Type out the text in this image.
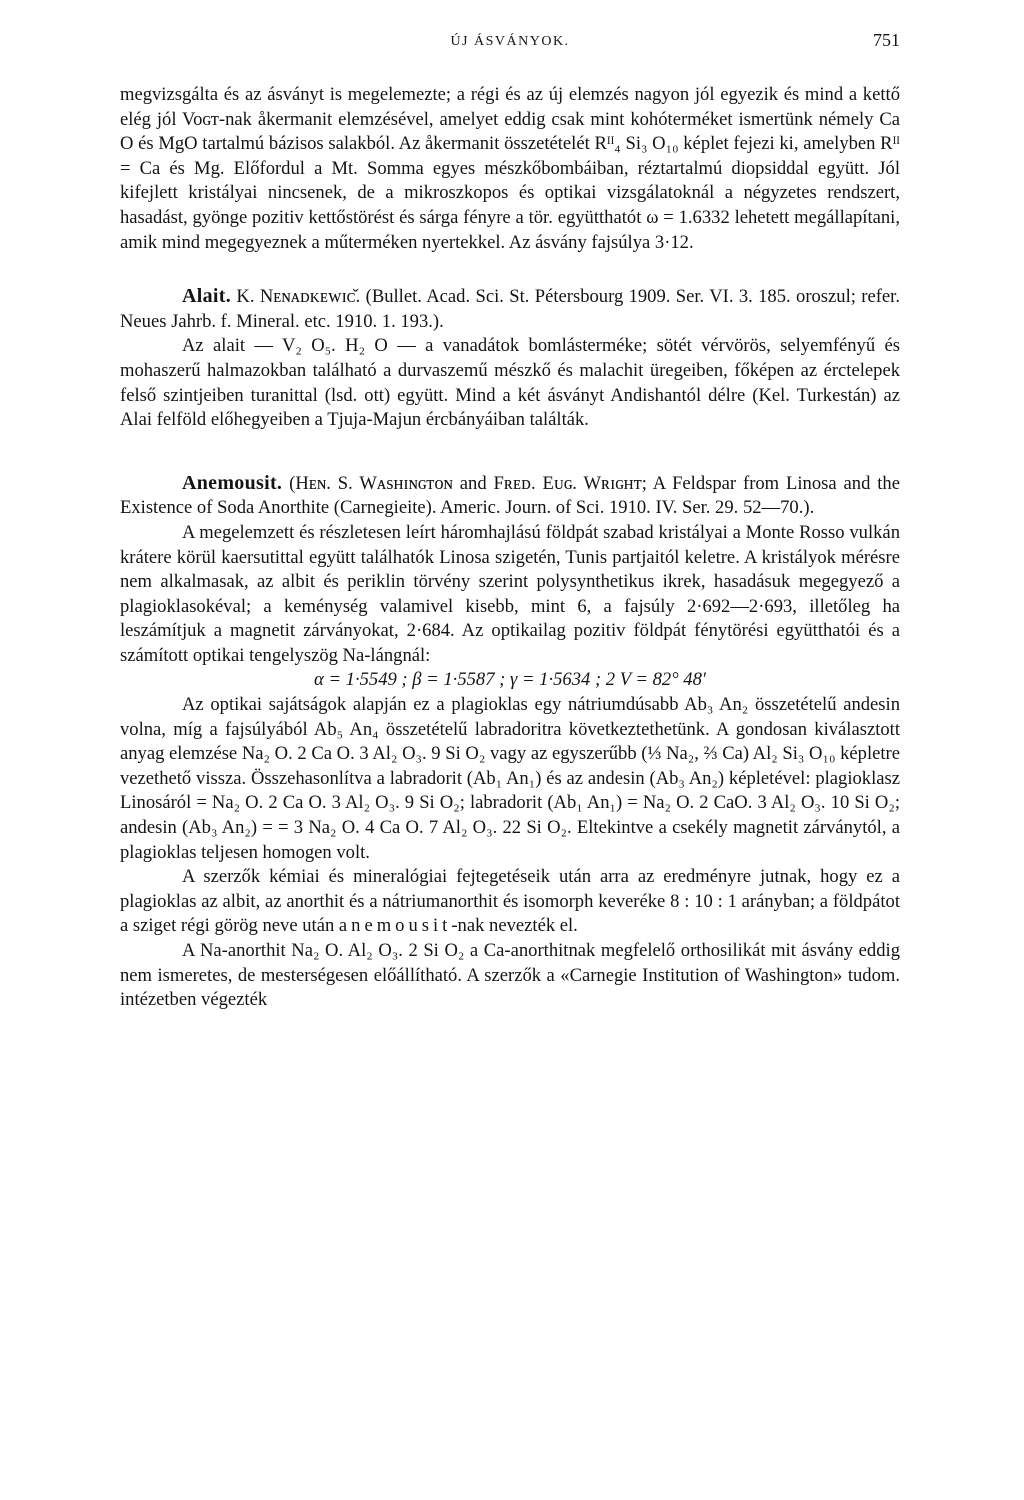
ÚJ ÁSVÁNYOK.	751

megvizsgálta és az ásványt is megelemezte; a régi és az új elemzés nagyon jól egyezik és mind a kettő elég jól Voɢᴛ-nak åkermanit elemzésével, amelyet eddig csak mint kohóterméket ismertünk némely Ca O és MgO tartalmú bázisos salakból. Az åkermanit összetételét Rᴵᴵ₄ Si₃ O₁₀ képlet fejezi ki, amelyben Rᴵᴵ = Ca és Mg. Előfordul a Mt. Somma egyes mészkőbombáiban, réztartalmú diopsiddal együtt. Jól kifejlett kristályai nincsenek, de a mikroszkopos és optikai vizsgálatoknál a négyzetes rendszert, hasadást, gyönge pozitiv kettőstörést és sárga fényre a tör. együtthatót ω = 1.6332 lehetett megállapítani, amik mind megegyeznek a műterméken nyertekkel. Az ásvány fajsúlya 3·12.

Alait. K. Nᴇɴᴀᴅᴋᴇᴡɪᴄ̌. (Bullet. Acad. Sci. St. Pétersbourg 1909. Ser. VI. 3. 185. oroszul; refer. Neues Jahrb. f. Mineral. etc. 1910. 1. 193.).

Az alait — V₂ O₅. H₂ O — a vanadátok bomlásterméke; sötét vérvörös, selyemfényű és mohaszerű halmazokban található a durvaszemű mészkő és malachit üregeiben, főképen az érctelepek felső szintjeiben turanittal (lsd. ott) együtt. Mind a két ásványt Andishantól délre (Kel. Turkestán) az Alai felföld előhegyeiben a Tjuja-Majun ércbányáiban találták.

Anemousit. (Hᴇɴ. S. Wᴀsʜɪɴɢᴛᴏɴ and Fʀᴇᴅ. Eᴜɢ. Wʀɪɢʜᴛ; A Feldspar from Linosa and the Existence of Soda Anorthite (Carnegieite). Americ. Journ. of Sci. 1910. IV. Ser. 29. 52—70.).

A megelemzett és részletesen leírt háromhajlású földpát szabad kristályai a Monte Rosso vulkán krátere körül kaersutittal együtt találhatók Linosa szigetén, Tunis partjaitól keletre. A kristályok mérésre nem alkalmasak, az albit és periklin törvény szerint polysynthetikus ikrek, hasadásuk megegyező a plagioklasokéval; a keménység valamivel kisebb, mint 6, a fajsúly 2·692—2·693, illetőleg ha leszámítjuk a magnetit zárványokat, 2·684. Az optikailag pozitiv földpát fénytörési együtthatói és a számított optikai tengelyszög Na-lángnál:

α = 1·5549 ; β = 1·5587 ; γ = 1·5634 ; 2 V = 82° 48′

Az optikai sajátságok alapján ez a plagioklas egy nátriumdúsabb Ab₃ An₂ összetételű andesin volna, míg a fajsúlyából Ab₅ An₄ összetételű labradoritra következtethetünk. A gondosan kiválasztott anyag elemzése Na₂ O. 2 Ca O. 3 Al₂ O₃. 9 Si O₂ vagy az egyszerűbb (⅓ Na₂, ⅔ Ca) Al₂ Si₃ O₁₀ képletre vezethető vissza. Összehasonlítva a labradorit (Ab₁ An₁) és az andesin (Ab₃ An₂) képletével: plagioklasz Linosáról = Na₂ O. 2 Ca O. 3 Al₂ O₃. 9 Si O₂; labradorit (Ab₁ An₁) = Na₂ O. 2 CaO. 3 Al₂ O₃. 10 Si O₂; andesin (Ab₃ An₂) = = 3 Na₂ O. 4 Ca O. 7 Al₂ O₃. 22 Si O₂. Eltekintve a csekély magnetit zárványtól, a plagioklas teljesen homogen volt.

A szerzők kémiai és mineralógiai fejtegetéseik után arra az eredményre jutnak, hogy ez a plagioklas az albit, az anorthit és a nátriumanorthit és isomorph keveréke 8 : 10 : 1 arányban; a földpátot a sziget régi görög neve után anemousit-nak nevezték el.

A Na-anorthit Na₂ O. Al₂ O₃. 2 Si O₂ a Ca-anorthitnak megfelelő orthosilikát mit ásvány eddig nem ismeretes, de mesterségesen előállítható. A szerzők a «Carnegie Institution of Washington» tudom. intézetben végezték
